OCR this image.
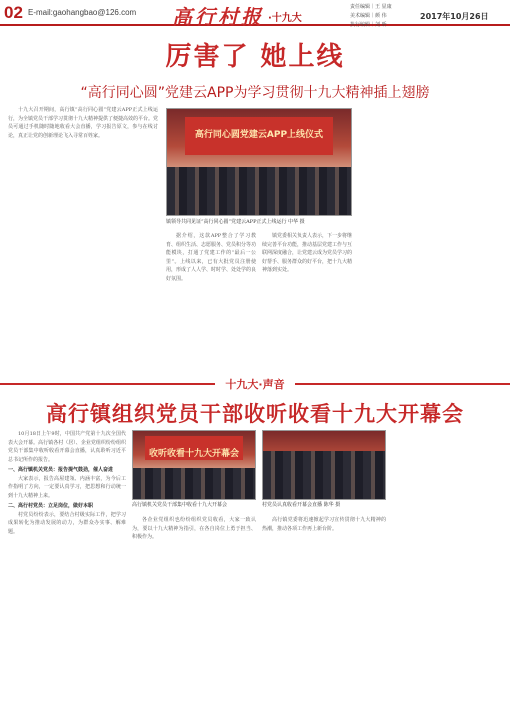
02 E-mail:gaohangbao@126.com 高行村报 ·十九大
责任编辑｜王 显康
美术编辑｜颜 伟
执行编辑｜刘 昕
2017年10月26日
厉害了 她上线
“高行同心圆”党建云APP为学习贯彻十九大精神插上翅膀

十九大召开期间，高行镇“高行同心圆”党建云APP正式上线运行，为全镇党员干部学习贯彻十九大精神提供了便捷高效的平台。党员可通过手机随时随地收看大会直播，学习报告原文，参与在线讨论，真正让党的创新理论飞入寻常百姓家。	高行同心圆党建云APP上线仪式
镇领导共同见证“高行同心圆”党建云APP正式上线运行 中华 摄

据介绍，这款APP整合了学习教育、组织生活、志愿服务、党员积分等功能模块，打通了党建工作的“最后一公里”。上线以来，已有大批党员注册使用，形成了人人学、时时学、处处学的良好氛围。

镇党委相关负责人表示，下一步将继续完善平台功能，推动基层党建工作与互联网深度融合，让党建云成为党员学习的好帮手、服务群众的好平台，把十九大精神落到实处。

十九大·声音
高行镇组织党员干部收听收看十九大开幕会

10月18日上午9时，中国共产党第十九次全国代表大会开幕。高行镇各村（居）、企业党组织纷纷组织党员干部集中收听收看开幕会直播，认真聆听习近平总书记所作的报告。

一、高行镇机关党员：报告提气鼓劲，催人奋进

大家表示，报告高屋建瓴、内涵丰富，为今后工作指明了方向，一定要认真学习，把思想和行动统一到十九大精神上来。

二、高行村党员：立足岗位，做好本职

村党员纷纷表示，要结合村级实际工作，把学习成果转化为推动发展的动力，为群众办实事、解难题。

收听收看十九大开幕会
高行镇机关党员干部集中收看十九大开幕会	村党员认真收看开幕会直播 陈华 摄

各企业党组织也纷纷组织党员收看，大家一致认为，要以十九大精神为指引，在各自岗位上勇于担当、积极作为。

高行镇党委将迅速掀起学习宣传贯彻十九大精神的热潮，推动各项工作再上新台阶。
